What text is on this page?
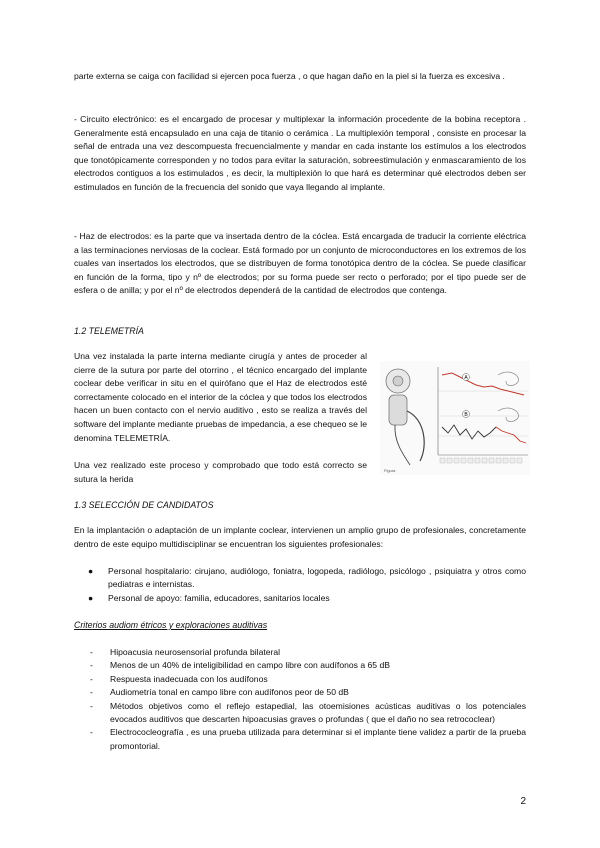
parte externa se caiga con facilidad si ejercen poca fuerza , o que hagan daño en la piel si la fuerza es excesiva .

- Circuito electrónico: es el encargado de procesar y multiplexar la información procedente de la bobina receptora . Generalmente está encapsulado en una caja de titanio o cerámica . La multiplexión temporal , consiste en procesar la señal de entrada una vez descompuesta frecuencialmente y mandar en cada instante los estímulos a los electrodos que tonotópicamente corresponden y no todos para evitar la saturación, sobreestimulación y enmascaramiento de los electrodos contiguos a los estimulados , es decir, la multiplexión lo que hará es determinar qué electrodos deben ser estimulados en función de la frecuencia del sonido que vaya llegando al implante.

- Haz de electrodos: es la parte que va insertada dentro de la cóclea. Está encargada de traducir la corriente eléctrica a las terminaciones nerviosas de la coclear. Está formado por un conjunto de microconductores en los extremos de los cuales van insertados los electrodos, que se distribuyen de forma tonotópica dentro de la cóclea. Se puede clasificar en función de la forma, tipo y nº de electrodos; por su forma puede ser recto o perforado; por el tipo puede ser de esfera o de anilla; y por el nº de electrodos dependerá de la cantidad de electrodos que contenga.

1.2 TELEMETRÍA

Una vez instalada la parte interna mediante cirugía y antes de proceder al cierre de la sutura por parte del otorrino , el técnico encargado del implante coclear debe verificar in situ en el quirófano que el Haz de electrodos esté correctamente colocado en el interior de la cóclea y que todos los electrodos hacen un buen contacto con el nervio auditivo , esto se realiza a través del software del implante mediante pruebas de impedancia, a ese chequeo se le denomina TELEMETRÍA.

Una vez realizado este proceso y comprobado que todo está correcto se sutura la herida

A
B
Figura

1.3 SELECCIÓN DE CANDIDATOS

En la implantación o adaptación de un implante coclear, intervienen un amplio grupo de profesionales, concretamente dentro de este equipo multidisciplinar se encuentran los siguientes profesionales:

● Personal hospitalario: cirujano, audiólogo, foniatra, logopeda, radiólogo, psicólogo , psiquiatra y otros como pediatras e internistas.
● Personal de apoyo: familia, educadores, sanitarios locales

Criterios audiom étricos y exploraciones auditivas

- Hipoacusia neurosensorial profunda bilateral
- Menos de un 40% de inteligibilidad en campo libre con audífonos a 65 dB
- Respuesta inadecuada con los audífonos
- Audiometría tonal en campo libre con audífonos peor de 50 dB
- Métodos objetivos como el reflejo estapedial, las otoemisiones acústicas auditivas o los potenciales evocados auditivos que descarten hipoacusias graves o profundas ( que el daño no sea retrococlear)
- Electrococleografía , es una prueba utilizada para determinar si el implante tiene validez a partir de la prueba promontorial.

2
